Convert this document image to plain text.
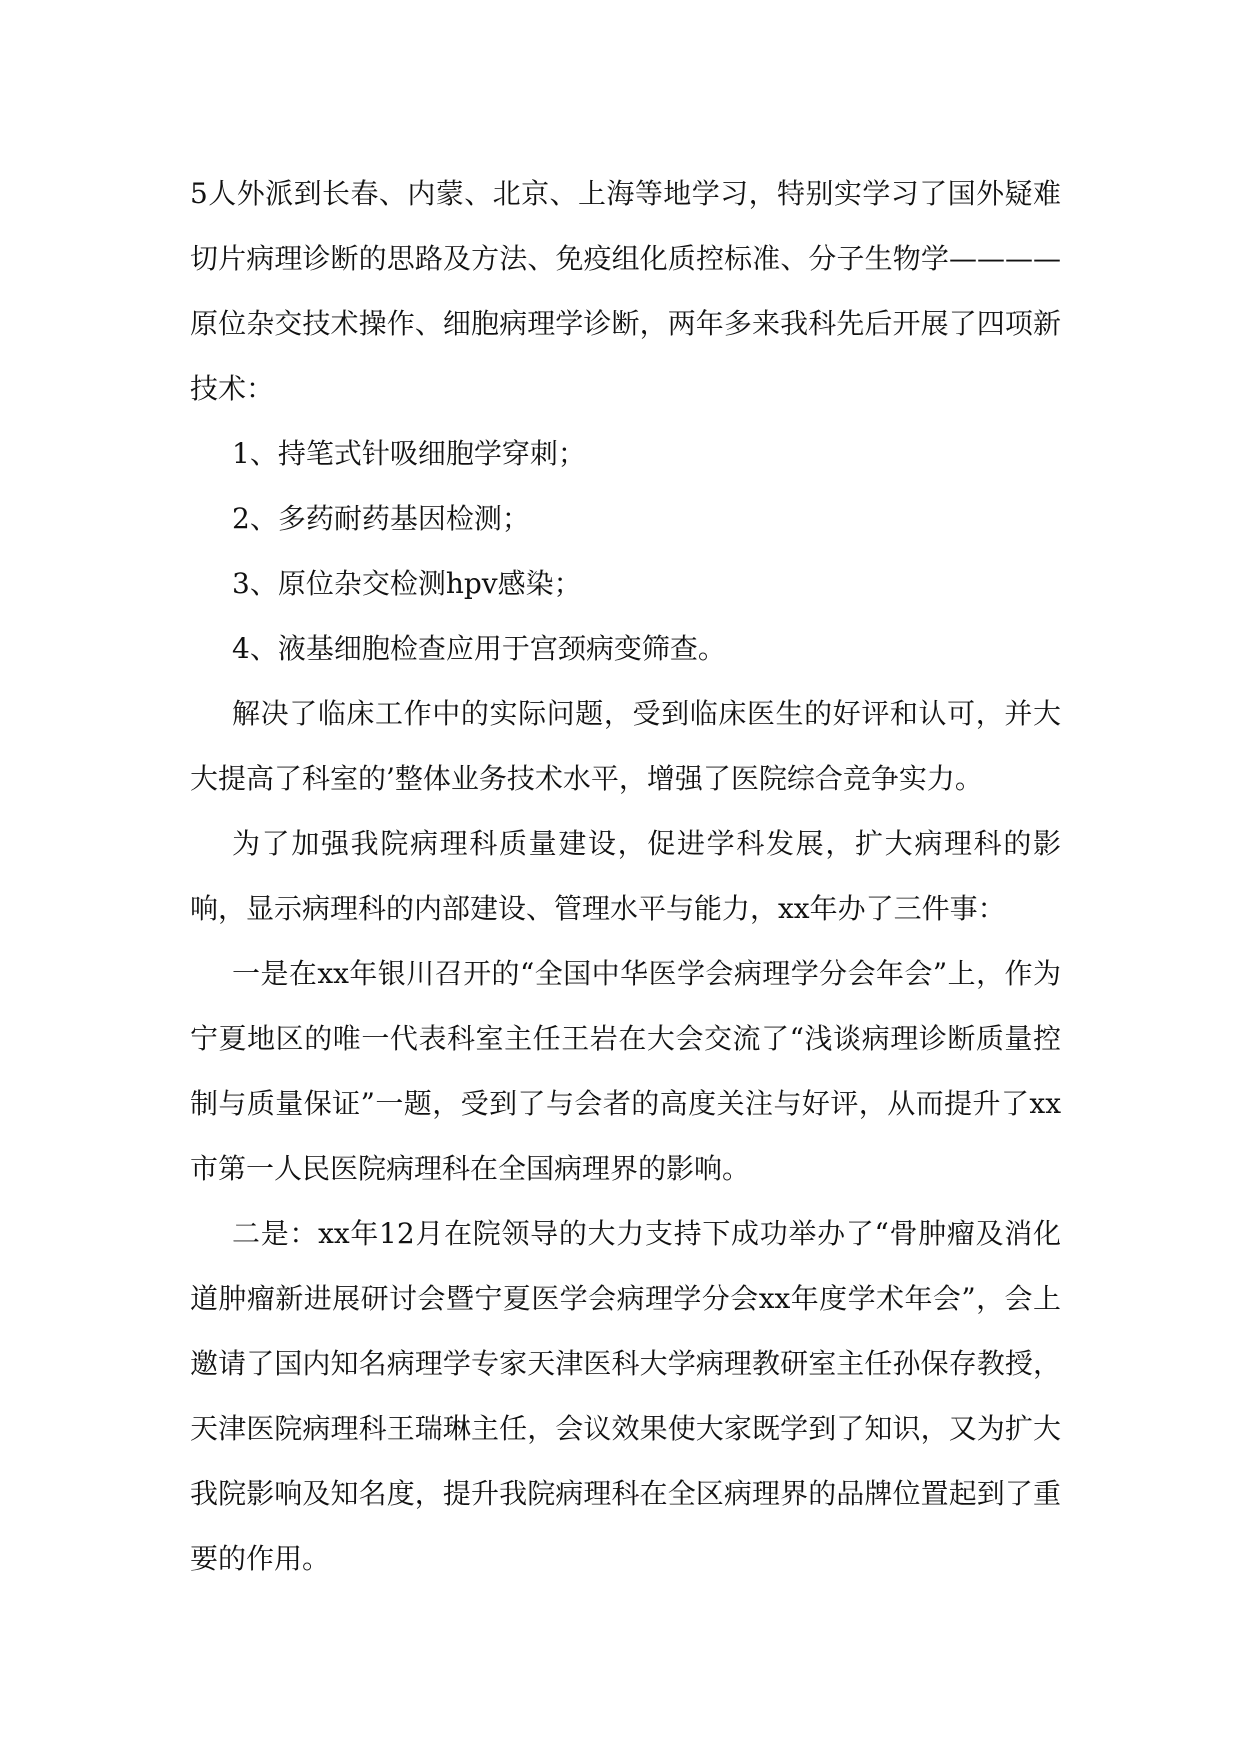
5人外派到长春、内蒙、北京、上海等地学习，特别实学习了国外疑难切片病理诊断的思路及方法、免疫组化质控标准、分子生物学————原位杂交技术操作、细胞病理学诊断，两年多来我科先后开展了四项新技术：

1、持笔式针吸细胞学穿刺；

2、多药耐药基因检测；

3、原位杂交检测hpv感染；

4、液基细胞检查应用于宫颈病变筛查。

解决了临床工作中的实际问题，受到临床医生的好评和认可，并大大提高了科室的’整体业务技术水平，增强了医院综合竞争实力。

为了加强我院病理科质量建设，促进学科发展，扩大病理科的影响，显示病理科的内部建设、管理水平与能力，xx年办了三件事：

一是在xx年银川召开的“全国中华医学会病理学分会年会”上，作为宁夏地区的唯一代表科室主任王岩在大会交流了“浅谈病理诊断质量控制与质量保证”一题，受到了与会者的高度关注与好评，从而提升了xx市第一人民医院病理科在全国病理界的影响。

二是：xx年12月在院领导的大力支持下成功举办了“骨肿瘤及消化道肿瘤新进展研讨会暨宁夏医学会病理学分会xx年度学术年会”，会上邀请了国内知名病理学专家天津医科大学病理教研室主任孙保存教授，天津医院病理科王瑞琳主任，会议效果使大家既学到了知识，又为扩大我院影响及知名度，提升我院病理科在全区病理界的品牌位置起到了重要的作用。
